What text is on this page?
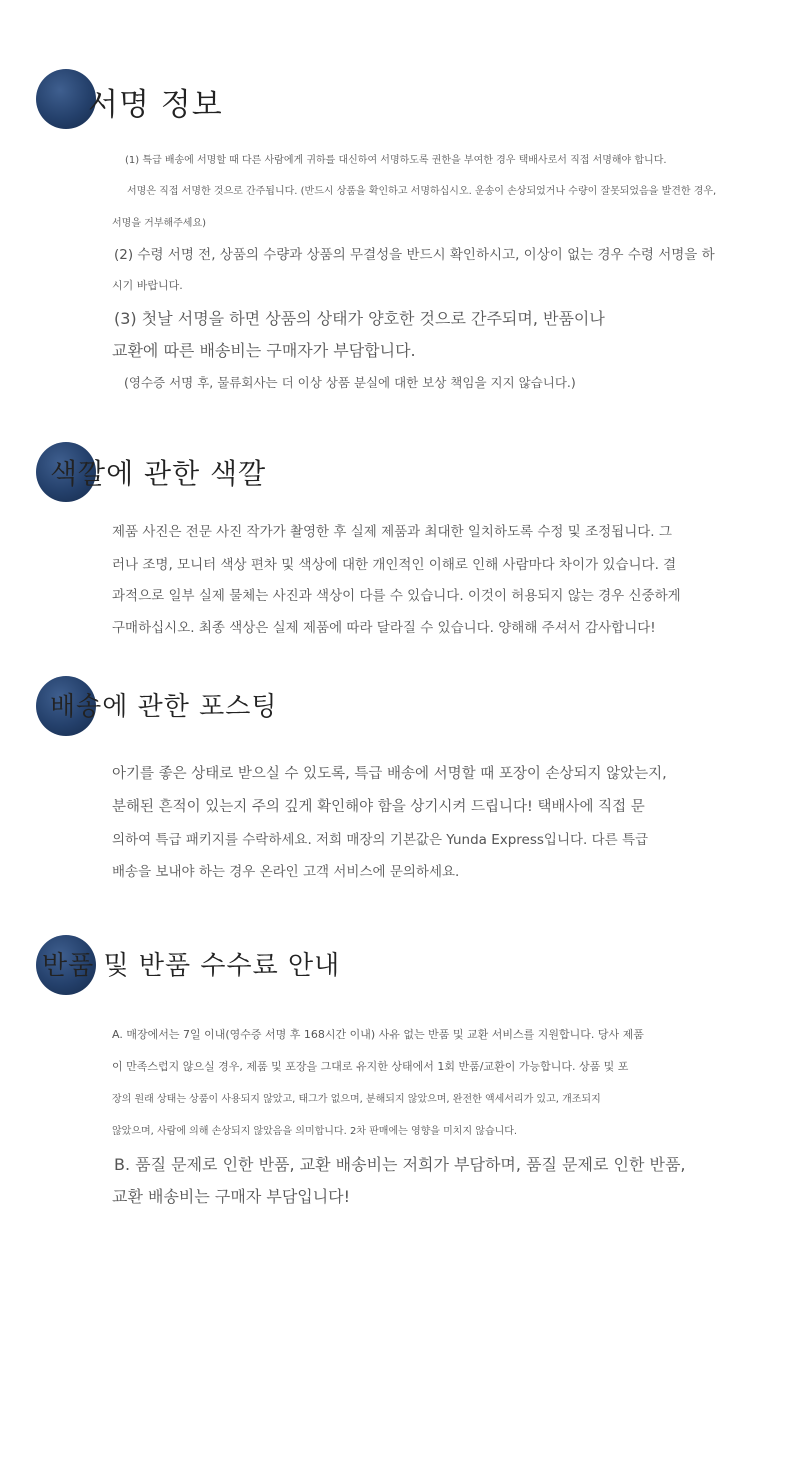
서명 정보
(1) 특급 배송에 서명할 때 다른 사람에게 귀하를 대신하여 서명하도록 권한을 부여한 경우 택배사로서 직접 서명해야 합니다.
서명은 직접 서명한 것으로 간주됩니다. (반드시 상품을 확인하고 서명하십시오. 운송이 손상되었거나 수량이 잘못되었음을 발견한 경우,
서명을 거부해주세요)
(2) 수령 서명 전, 상품의 수량과 상품의 무결성을 반드시 확인하시고, 이상이 없는 경우 수령 서명을 하
시기 바랍니다.
(3) 첫날 서명을 하면 상품의 상태가 양호한 것으로 간주되며, 반품이나
교환에 따른 배송비는 구매자가 부담합니다.
(영수증 서명 후, 물류회사는 더 이상 상품 분실에 대한 보상 책임을 지지 않습니다.)
색깔에 관한 색깔
제품 사진은 전문 사진 작가가 촬영한 후 실제 제품과 최대한 일치하도록 수정 및 조정됩니다. 그
러나 조명, 모니터 색상 편차 및 색상에 대한 개인적인 이해로 인해 사람마다 차이가 있습니다. 결
과적으로 일부 실제 물체는 사진과 색상이 다를 수 있습니다. 이것이 허용되지 않는 경우 신중하게
구매하십시오. 최종 색상은 실제 제품에 따라 달라질 수 있습니다. 양해해 주셔서 감사합니다!
배송에 관한 포스팅
아기를 좋은 상태로 받으실 수 있도록, 특급 배송에 서명할 때 포장이 손상되지 않았는지,
분해된 흔적이 있는지 주의 깊게 확인해야 함을 상기시켜 드립니다! 택배사에 직접 문
의하여 특급 패키지를 수락하세요. 저희 매장의 기본값은 Yunda Express입니다. 다른 특급
배송을 보내야 하는 경우 온라인 고객 서비스에 문의하세요.
반품 및 반품 수수료 안내
A. 매장에서는 7일 이내(영수증 서명 후 168시간 이내) 사유 없는 반품 및 교환 서비스를 지원합니다. 당사 제품
이 만족스럽지 않으실 경우, 제품 및 포장을 그대로 유지한 상태에서 1회 반품/교환이 가능합니다. 상품 및 포
장의 원래 상태는 상품이 사용되지 않았고, 태그가 없으며, 분해되지 않았으며, 완전한 액세서리가 있고, 개조되지
않았으며, 사람에 의해 손상되지 않았음을 의미합니다. 2차 판매에는 영향을 미치지 않습니다.
B. 품질 문제로 인한 반품, 교환 배송비는 저희가 부담하며, 품질 문제로 인한 반품,
교환 배송비는 구매자 부담입니다!
